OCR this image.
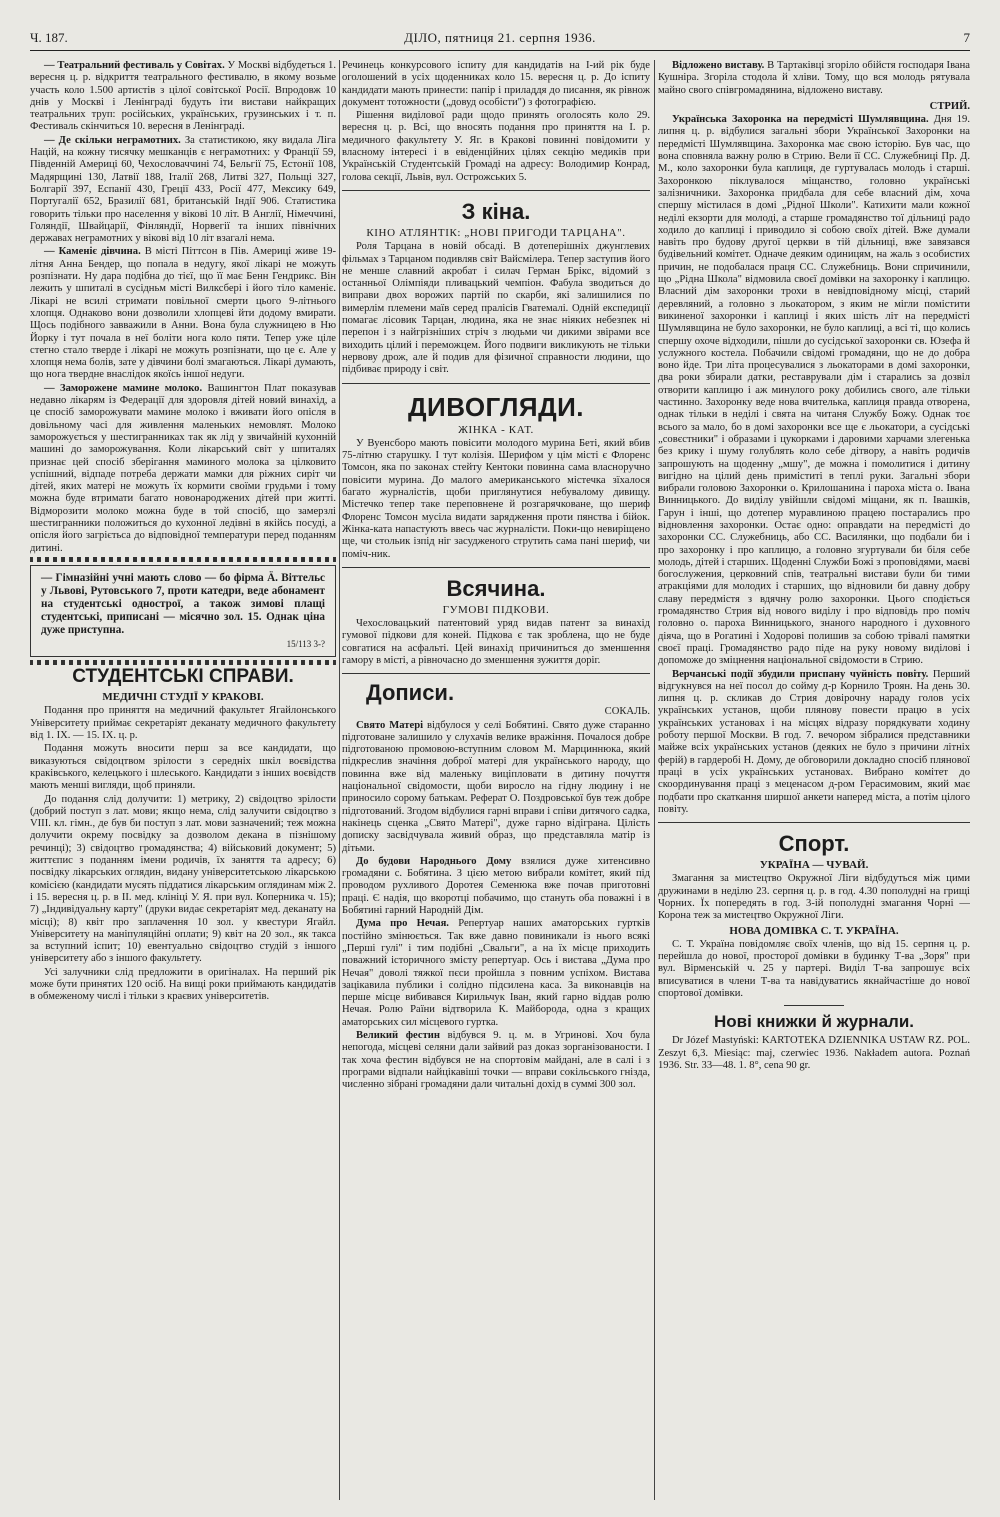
Ч. 187.	ДІЛО, пятниця 21. серпня 1936.	7

— Театральний фестиваль у Совітах. У Москві відбудеться 1. вересня ц. р. відкриття театрального фестивалю, в якому возьме участь коло 1.500 артистів з цілої совітської Росії. Впродовж 10 днів у Москві і Ленінграді будуть іти вистави найкращих театральних труп: російських, українських, грузинських і т. п. Фестиваль скінчиться 10. вересня в Ленінграді.

— Де скільки неграмотних. За статистикою, яку видала Ліга Націй, на кожну тисячку мешканців є неграмотних: у Франції 59, Південній Америці 60, Чехословаччині 74, Бельгії 75, Естонії 108, Мадярщині 130, Латвії 188, Італії 268, Литві 327, Польщі 327, Болгарії 397, Еспанії 430, Греції 433, Росії 477, Мексику 649, Португалії 652, Бразилії 681, британській Індії 906. Статистика говорить тільки про населення у вікові 10 літ. В Англії, Німеччині, Голяндії, Швайцарії, Фінляндії, Норвегії та інших північних державах неграмотних у вікові від 10 літ взагалі нема.

— Каменіє дівчина. В місті Піттсон в Пів. Америці живе 19-літня Анна Бендер, що попала в недугу, якої лікарі не можуть розпізнати. Ну дара подібна до тієї, що її має Бенн Гендрикс. Він лежить у шпиталі в сусідньм місті Вилксбері і його тіло каменіє. Лікарі не всилі стримати повільної смерти цього 9-літнього хлопця. Однаково вони дозволили хлопцеві йти додому вмирати. Щось подібного завважили в Анни. Вона була служницею в Ню Йорку і тут почала в неї боліти нога коло пяти. Тепер уже ціле стегно стало тверде і лікарі не можуть розпізнати, що це є. Але у хлопця нема болів, зате у дівчини болі змагаються. Лікарі думають, що нога твердне внаслідок якоїсь іншої недуги.

— Заморожене мамине молоко. Вашингтон Плат показував недавно лікарям із Федерації для здоровля дітей новий винахід, а це спосіб заморожувати мамине молоко і вживати його опісля в довільному часі для живлення маленьких немовлят. Молоко заморожується у шестигранниках так як лід у звичайній кухонній машині до заморожування. Коли лікарський світ у шпиталях признає цей спосіб зберігання маминого молока за цілковито успішний, відпаде потреба держати мамки для ріжних сиріт чи дітей, яких матері не можуть їх кормити своїми грудьми і тому можна буде втримати багато новонароджених дітей при житті. Відморозити молоко можна буде в той спосіб, що замерзлі шестигранники положиться до кухонної ледівні в якійсь посуді, а опісля його загрієтьса до відповідної температури перед поданням дитині.

— Гімназійні учні мають слово — бо фірма Ä. Віттельс у Львові, Рутовського 7, проти катедри, веде абонамент на студентські однострої, а також зимові плащі студентські, приписані — місячно зол. 15. Однак ціна дуже приступна.

15/113 3-?
СТУДЕНТСЬКІ СПРАВИ.

МЕДИЧНІ СТУДІЇ У КРАКОВІ.

Подання про приняття на медичний факультет Ягайлонського Університету приймає секретаріят деканату медичного факультету від 1. IX. — 15. IX. ц. р.

Подання можуть вносити перш за все кандидати, що виказуються свідоцтвом зрілости з середніх шкіл воєвідства краківського, келецького і шлеського. Кандидати з інших воєвідств мають менші вигляди, щоб приняли.

До подання слід долучити: 1) метрику, 2) свідоцтво зрілости (добрий поступ з лат. мови; якщо нема, слід залучити свідоцтво з VIII. кл. гімн., де був би поступ з лат. мови зазначений; теж можна долучити окрему посвідку за дозволом декана в пізнішому речинці); 3) свідоцтво громадянства; 4) військовий документ; 5) життєпис з поданням імени родичів, їх заняття та адресу; 6) посвідку лікарських оглядин, видану університетською лікарською комісією (кандидати мусять піддатися лікарським оглядинам між 2. і 15. вересня ц. р. в II. мед. клініці У. Я. при вул. Коперника ч. 15); 7) „Індивідуальну карту" (друки видає секретаріят мед. деканату на місці); 8) квіт про заплачення 10 зол. у квестури Ягайл. Університету на маніпуляційні оплати; 9) квіт на 20 зол., як такса за вступний іспит; 10) евентуально свідоцтво студій з іншого університету або з іншого факультету.

Усі залучники слід предложити в оригіналах. На перший рік може бути принятих 120 осіб. На вищі роки приймають кандидатів в обмеженому числі і тільки з краєвих університетів.

Речинець конкурсового іспиту для кандидатів на I-ий рік буде оголошений в усіх щоденниках коло 15. вересня ц. р. До іспиту кандидати мають принести: папір і приладдя до писання, як рівнож документ тотожности („довуд особісти") з фотографією.

Рішення виділової ради щодо принять оголосять коло 29. вересня ц. р. Всі, що вносять подання про приняття на I. р. медичного факультету У. Яг. в Кракові повинні повідомити у власному інтересі і в евіденційних цілях секцію медиків при Українській Студентській Громаді на адресу: Володимир Конрад, голова секції, Львів, вул. Острожських 5.

З кіна.

КІНО АТЛЯНТІК: „НОВІ ПРИГОДИ ТАРЦАНА".

Роля Тарцана в новій обсаді. В дотеперішніх джунглевих фільмах з Тарцаном подивляв світ Вайсмілера. Тепер заступив його не менше славний акробат і силач Герман Брікс, відомий з останньої Олімпіяди пливацький чемпіон. Фабула зводиться до виправи двох ворожих партій по скарби, які залишилися по вимерлім племени маїв серед пралісів Гватемалі. Одній експедиції помагає лісовик Тарцан, людина, яка не знає ніяких небезпек ні перепон і з найгрізніших стріч з людьми чи дикими звірами все виходить цілий і переможцем. Його подвиги викликують не тільки нервову дрож, але й подив для фізичної справности людини, що підбиває природу і світ.

ДИВОГЛЯДИ.

ЖІНКА - КАТ.

У Вуенсборо мають повісити молодого мурина Беті, який вбив 75-літню старушку. І тут колізія. Шерифом у цім місті є Флоренс Томсон, яка по законах стейту Кентоки повинна сама власноручно повісити мурина. До малого американського містечка зїхалося багато журналістів, щоби приглянутися небувалому дивищу. Містечко тепер таке переповнене й розгарячковане, що шериф Флоренс Томсон мусіла видати зарядження проти пянства і бійок. Жінка-ката напастують ввесь час журналісти. Поки-що невиріщено ще, чи стольик ізпід ніг засудженого струтить сама пані шериф, чи поміч-ник.

Всячина.

ГУМОВІ ПІДКОВИ.

Чехословацький патентовий уряд видав патент за винахід гумової підкови для коней. Підкова є так зроблена, що не буде совгатися на асфальті. Цей винахід причиниться до зменшення гамору в місті, а рівночасно до зменшення зужиття доріг.

Дописи.

СОКАЛЬ.

Свято Матері відбулося у селі Бобятині. Свято дуже старанно підготоване залишило у слухачів велике вражіння. Почалося добре підготованою промовою-вступним словом М. Марциннюка, який підкреслив значіння доброї матері для українського народу, що повинна вже від маленьку виціпловати в дитину почуття національної свідомости, щоби виросло на гідну людину і не приносило сорому батькам. Реферат О. Поздровської був теж добре підготований. Згодом відбулися гарні вправи і співи дитячого садка, накінець сценка „Свято Матері", дуже гарно відіграна. Цілість дописку засвідчувала живий образ, що представляла матір із дітьми.

До будови Народнього Дому взялися дуже хитенсивно громадяни с. Бобятина. З цією метою вибрали комітет, який під проводом рухливого Доротея Семенюка вже почав приготовні праці. Є надія, що вкоротці побачимо, що стануть оба поважні і в Бобятині гарний Народній Дім.

Дума про Нечая. Репертуар наших аматорських гуртків постійно змінюється. Так вже давно повиникали із нього всякі „Перші гулі" і тим подібні „Свальги", а на їх місце приходить поважний історичного змісту репертуар. Ось і вистава „Дума про Нечая" доволі тяжкої пєси пройшла з повним успіхом. Вистава зацікавила публики і солідно підсилена каса. За виконавців на перше місце вибивався Кирильчук Іван, який гарно віддав ролю Нечая. Ролю Раїни відтворила К. Майборода, одна з кращих аматорських сил місцевого гуртка.

Великий фестин відбувся 9. ц. м. в Угринові. Хоч була непогода, місцеві селяни дали зайвий раз доказ зорганізованости. І так хоча фестин відбувся не на спортовім майдані, але в салі і з програми відпали найцікавіші точки — вправи сокільського гнізда, численно зібрані громадяни дали читальні дохід в суммі 300 зол.

Відложено виставу. В Тартаківці згоріло обійстя господаря Івана Кушніра. Згоріла стодола й хліви. Тому, що вся молодь рятувала майно свого співгромадянина, відложено виставу.

СТРИЙ.

Українська Захоронка на передмісті Шумлявщина. Дня 19. липня ц. р. відбулися загальні збори Української Захоронки на передмісті Шумлявщина. Захоронка має свою історію. Був час, що вона сповняла важну ролю в Стрию. Вели її СС. Служебниці Пр. Д. М., коло захоронки була каплиця, де гуртувалась молодь і старші. Захоронкою піклувалося міщанство, головно українські залізничники. Захоронка придбала для себе власний дім, хоча спершу містилася в домі „Рідної Школи". Катихити мали кожної неділі екзорти для молоді, а старше громадянство тої дільниці радо ходило до каплиці і приводило зі собою своїх дітей. Вже думали навіть про будову другої церкви в тій дільниці, вже завязався будівельний комітет. Одначе деяким одиницям, на жаль з особистих причин, не подобалася праця СС. Служебниць. Вони спричинили, що „Рідна Школа" відмовила своєї домівки на захоронку і каплицю. Власний дім захоронки трохи в невідповідному місці, старий деревляний, а головно з льокатором, з яким не мігли помістити викиненої захоронки і каплиці і яких шість літ на передмісті Шумлявщина не було захоронки, не було каплиці, а всі ті, що колись спершу охоче відходили, пішли до сусідської захоронки св. Юзефа й услужного костела. Побачили свідомі громадяни, що не до добра воно йде. Три літа процесувалися з льокаторами в домі захоронки, два роки збирали датки, реставрували дім і старались за дозвіл отворити каплицю і аж минулого року добились свого, але тільки частинно. Захоронку веде нова вчителька, каплиця правда отворена, однак тільки в неділі і свята на читаня Службу Божу. Однак тоє всього за мало, бо в домі захоронки все ще є льокатори, а сусідські „совєстники" і образами і цукорками і даровими харчами злегенька без крику і шуму голублять коло себе дітвору, а навіть родичів запрошують на щоденну „мшу", де можна і помолитися і дитину вигідно на цілий день приміститі в теплі руки. Загальні збори вибрали головою Захоронки о. Крилошанина і пароха міста о. Івана Винницького. До виділу увійшли свідомі міщани, як п. Івашків, Гарун і інші, що дотепер муравлиною працею постарались про відновлення захоронки. Остає одно: оправдати на передмісті до захоронки СС. Служебниць, або СС. Василянки, що подбали би і про захоронку і про каплицю, а головно згуртували би біля себе молодь, дітей і старших. Щоденні Служби Божі з проповідями, маєві богослужения, церковний спів, театральні вистави були би тими атракціями для молодих і старших, що відновили би давну добру славу передмістя з вдячну ролю захоронки. Цього сподіється громадянство Стрия від нового виділу і про відповідь про поміч головно о. пароха Винницького, знаного народного і духовного діяча, що в Рогатині і Ходорові полишив за собою трівалі памятки своєї праці. Громадянство радо піде на руку новому виділові і допоможе до зміцнення національної свідомости в Стрию.

Верчанські події збудили приспану чуйність повіту. Перший відгукнувся на неї посол до сойму д-р Корнило Троян. На день 30. липня ц. р. скликав до Стрия довірочну нараду голов усіх українських установ, щоби плянову повести працю в усіх українських установах і на місцях відразу порядкувати ходину роботу першої Москви. В год. 7. вечором зібралися представники майже всіх українських установ (деяких не було з причини літніх ферій) в гардеробі Н. Дому, де обговорили докладно спосіб плянової праці в усіх українських установах. Вибрано комітет до скоординування праці з меценасом д-ром Герасимовим, який має подбати про скаткання ширшої анкети наперед міста, а потім цілого повіту.

Спорт.

УКРАЇНА — ЧУВАЙ.

Змагання за мистецтво Окружної Ліги відбудуться між цими дружинами в неділю 23. серпня ц. р. в год. 4.30 пополудні на грищі Чорних. Їх попередять в год. 3-ій пополудні змагання Чорні — Корона теж за мистецтво Окружної Ліги.

НОВА ДОМІВКА С. Т. УКРАЇНА.

С. Т. Україна повідомляє своїх членів, що від 15. серпня ц. р. перейшла до нової, просторої домівки в будинку Т-ва „Зоря" при вул. Вірменській ч. 25 у партері. Виділ Т-ва запрошує всіх вписуватися в члени Т-ва та навідуватись якнайчастіше до нової спортової домівки.

Нові книжки й журнали.

Dr Józef Mastyński: KARTOTEKA DZIENNIKA USTAW RZ. POL. Zeszyt 6,3. Miesiąc: maj, czerwiec 1936. Nakładem autora. Poznań 1936. Str. 33—48. 1. 8°, cena 90 gr.
